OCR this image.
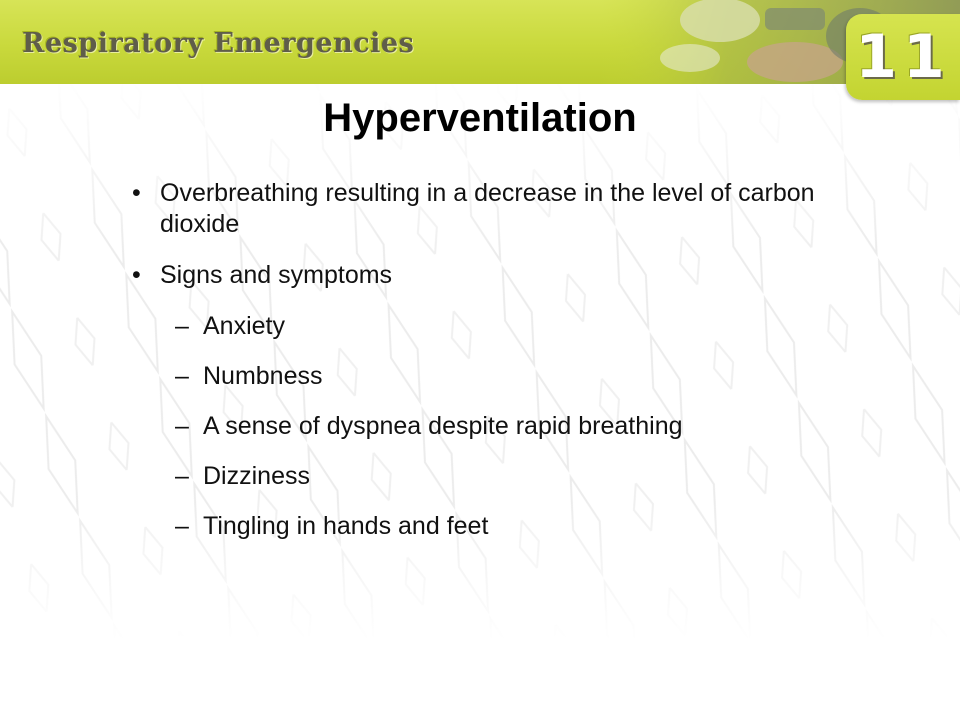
Respiratory Emergencies	11
Hyperventilation
• Overbreathing resulting in a decrease in the level of carbon dioxide
• Signs and symptoms
– Anxiety
– Numbness
– A sense of dyspnea despite rapid breathing
– Dizziness
– Tingling in hands and feet
